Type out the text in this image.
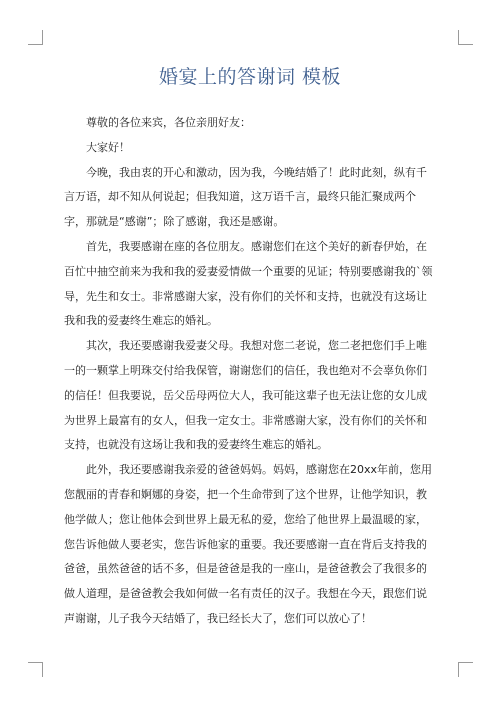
婚宴上的答谢词 模板

尊敬的各位来宾，各位亲朋好友：

大家好！

今晚，我由衷的开心和激动，因为我，今晚结婚了！此时此刻，纵有千言万语，却不知从何说起；但我知道，这万语千言，最终只能汇聚成两个字，那就是“感谢”；除了感谢，我还是感谢。

首先，我要感谢在座的各位朋友。感谢您们在这个美好的新春伊始，在百忙中抽空前来为我和我的爱妻爱情做一个重要的见证；特别要感谢我的`领导，先生和女士。非常感谢大家，没有你们的关怀和支持，也就没有这场让我和我的爱妻终生难忘的婚礼。

其次，我还要感谢我爱妻父母。我想对您二老说，您二老把您们手上唯一的一颗掌上明珠交付给我保管，谢谢您们的信任，我也绝对不会辜负你们的信任！但我要说，岳父岳母两位大人，我可能这辈子也无法让您的女儿成为世界上最富有的女人，但我一定女士。非常感谢大家，没有你们的关怀和支持，也就没有这场让我和我的爱妻终生难忘的婚礼。

此外，我还要感谢我亲爱的爸爸妈妈。妈妈，感谢您在20xx年前，您用您靓丽的青春和婀娜的身姿，把一个生命带到了这个世界，让他学知识，教他学做人；您让他体会到世界上最无私的爱，您给了他世界上最温暖的家，您告诉他做人要老实，您告诉他家的重要。我还要感谢一直在背后支持我的爸爸，虽然爸爸的话不多，但是爸爸是我的一座山，是爸爸教会了我很多的做人道理，是爸爸教会我如何做一名有责任的汉子。我想在今天，跟您们说声谢谢，儿子我今天结婚了，我已经长大了，您们可以放心了！
